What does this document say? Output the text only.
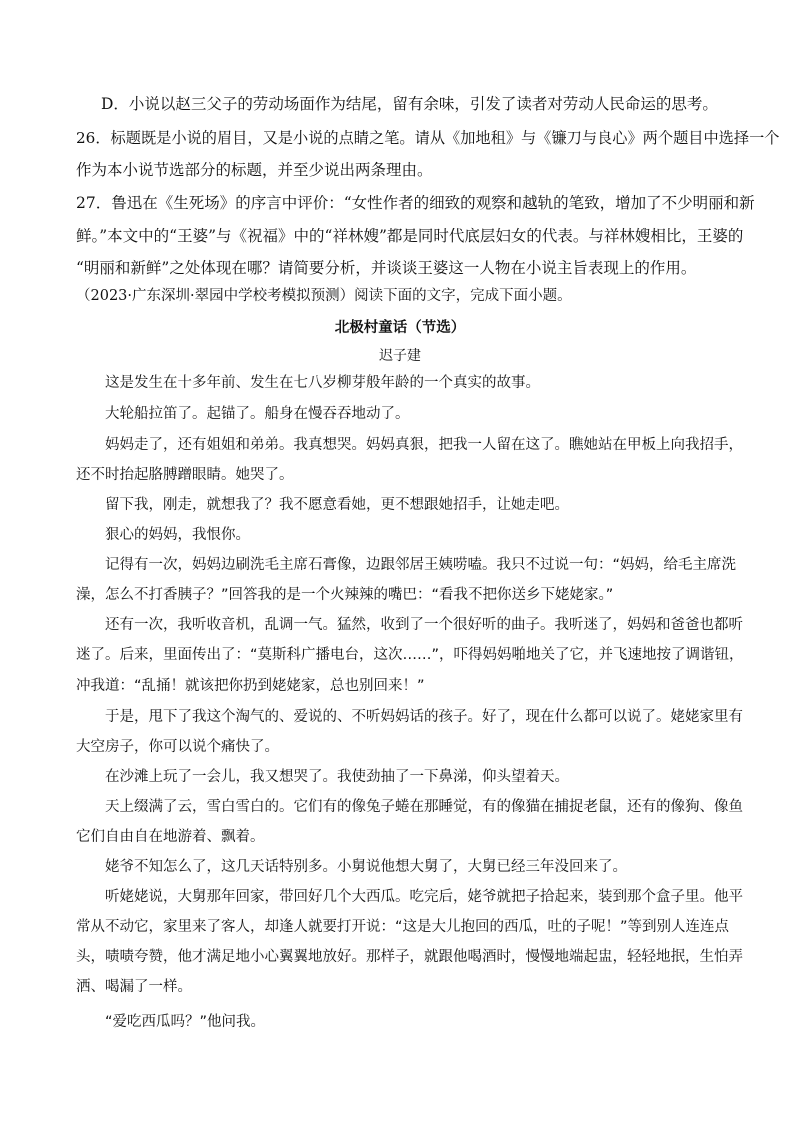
D．小说以赵三父子的劳动场面作为结尾，留有余味，引发了读者对劳动人民命运的思考。
26．标题既是小说的眉目，又是小说的点睛之笔。请从《加地租》与《镰刀与良心》两个题目中选择一个
作为本小说节选部分的标题，并至少说出两条理由。
27．鲁迅在《生死场》的序言中评价：“女性作者的细致的观察和越轨的笔致，增加了不少明丽和新
鲜。”本文中的“王婆”与《祝福》中的“祥林嫂”都是同时代底层妇女的代表。与祥林嫂相比，王婆的
“明丽和新鲜”之处体现在哪？请简要分析，并谈谈王婆这一人物在小说主旨表现上的作用。
（2023·广东深圳·翠园中学校考模拟预测）阅读下面的文字，完成下面小题。
北极村童话（节选）
迟子建
这是发生在十多年前、发生在七八岁柳芽般年龄的一个真实的故事。
大轮船拉笛了。起锚了。船身在慢吞吞地动了。
妈妈走了，还有姐姐和弟弟。我真想哭。妈妈真狠，把我一人留在这了。瞧她站在甲板上向我招手，
还不时抬起胳膊蹭眼睛。她哭了。
留下我，刚走，就想我了？我不愿意看她，更不想跟她招手，让她走吧。
狠心的妈妈，我恨你。
记得有一次，妈妈边刷洗毛主席石膏像，边跟邻居王姨唠嗑。我只不过说一句：“妈妈，给毛主席洗
澡，怎么不打香胰子？”回答我的是一个火辣辣的嘴巴：“看我不把你送乡下姥姥家。”
还有一次，我听收音机，乱调一气。猛然，收到了一个很好听的曲子。我听迷了，妈妈和爸爸也都听
迷了。后来，里面传出了：“莫斯科广播电台，这次……”，吓得妈妈啪地关了它，并飞速地按了调谐钮，
冲我道：“乱捅！就该把你扔到姥姥家，总也别回来！”
于是，甩下了我这个淘气的、爱说的、不听妈妈话的孩子。好了，现在什么都可以说了。姥姥家里有
大空房子，你可以说个痛快了。
在沙滩上玩了一会儿，我又想哭了。我使劲抽了一下鼻涕，仰头望着天。
天上缀满了云，雪白雪白的。它们有的像兔子蜷在那睡觉，有的像猫在捕捉老鼠，还有的像狗、像鱼
它们自由自在地游着、飘着。
姥爷不知怎么了，这几天话特别多。小舅说他想大舅了，大舅已经三年没回来了。
听姥姥说，大舅那年回家，带回好几个大西瓜。吃完后，姥爷就把子拾起来，装到那个盒子里。他平
常从不动它，家里来了客人，却逢人就要打开说：“这是大儿抱回的西瓜，吐的子呢！”等到别人连连点
头，啧啧夸赞，他才满足地小心翼翼地放好。那样子，就跟他喝酒时，慢慢地端起盅，轻轻地抿，生怕弄
洒、喝漏了一样。
“爱吃西瓜吗？”他问我。
